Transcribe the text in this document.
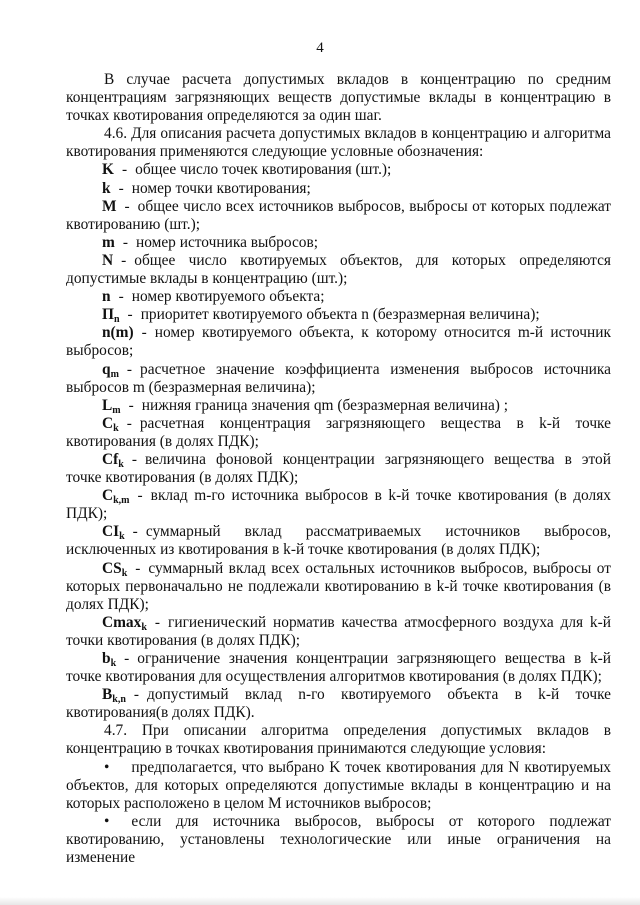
4

В случае расчета допустимых вкладов в концентрацию по средним концентрациям загрязняющих веществ допустимые вклады в концентрацию в точках квотирования определяются за один шаг.

4.6. Для описания расчета допустимых вкладов в концентрацию и алгоритма квотирования применяются следующие условные обозначения:

K - общее число точек квотирования (шт.);

k - номер точки квотирования;

M - общее число всех источников выбросов, выбросы от которых подлежат квотированию (шт.);

m - номер источника выбросов;

N - общее число квотируемых объектов, для которых определяются допустимые вклады в концентрацию (шт.);

n - номер квотируемого объекта;

$П_n$ - приоритет квотируемого объекта n (безразмерная величина);

n(m) - номер квотируемого объекта, к которому относится m-й источник выбросов;

$q_m$ - расчетное значение коэффициента изменения выбросов источника выбросов m (безразмерная величина);

$L_m$ - нижняя граница значения qm (безразмерная величина) ;

$C_k$ - расчетная концентрация загрязняющего вещества в k-й точке квотирования (в долях ПДК);

$Cf_k$ - величина фоновой концентрации загрязняющего вещества в этой точке квотирования (в долях ПДК);

$C_{k,m}$ - вклад m-го источника выбросов в k-й точке квотирования (в долях ПДК);

$CI_k$ - суммарный вклад рассматриваемых источников выбросов, исключенных из квотирования в k-й точке квотирования (в долях ПДК);

$CS_k$ - суммарный вклад всех остальных источников выбросов, выбросы от которых первоначально не подлежали квотированию в k-й точке квотирования (в долях ПДК);

Cmax$_k$ - гигиенический норматив качества атмосферного воздуха для k-й точки квотирования (в долях ПДК);

$b_k$ - ограничение значения концентрации загрязняющего вещества в k-й точке квотирования для осуществления алгоритмов квотирования (в долях ПДК);

$B_{k,n}$ - допустимый вклад n-го квотируемого объекта в k-й точке квотирования(в долях ПДК).

4.7. При описании алгоритма определения допустимых вкладов в концентрацию в точках квотирования принимаются следующие условия:

• предполагается, что выбрано K точек квотирования для N квотируемых объектов, для которых определяются допустимые вклады в концентрацию и на которых расположено в целом M источников выбросов;

• если для источника выбросов, выбросы от которого подлежат квотированию, установлены технологические или иные ограничения на изменение
